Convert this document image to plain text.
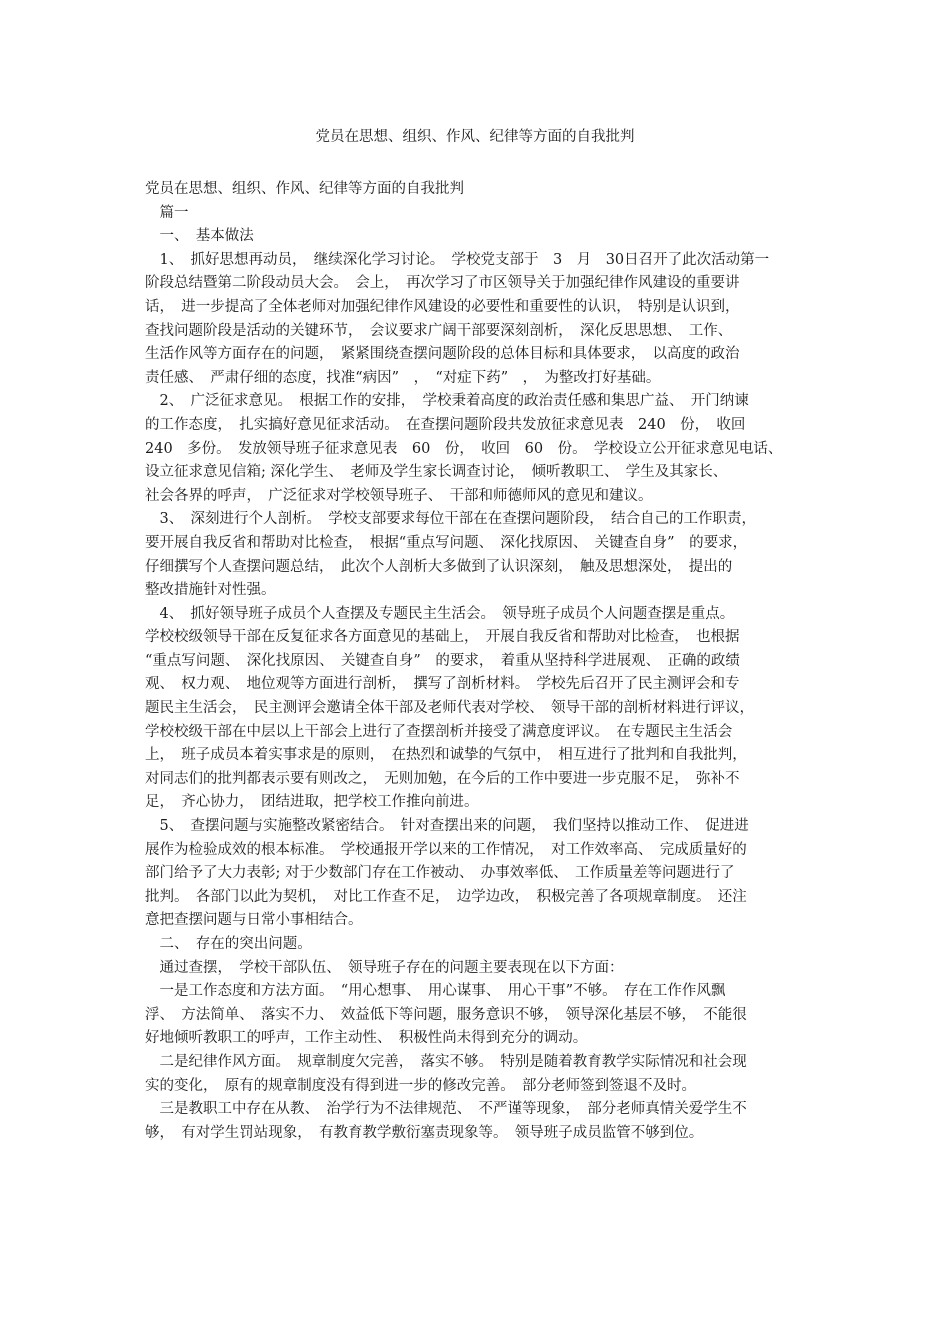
党员在思想、组织、作风、纪律等方面的自我批判
党员在思想、组织、作风、纪律等方面的自我批判
　篇一
　一、　基本做法
　1、　抓好思想再动员，　继续深化学习讨论。　学校党支部于　3　月　30日召开了此次活动第一
阶段总结暨第二阶段动员大会。　会上，　再次学习了市区领导关于加强纪律作风建设的重要讲
话，　进一步提高了全体老师对加强纪律作风建设的必要性和重要性的认识，　特别是认识到，
查找问题阶段是活动的关键环节，　会议要求广阔干部要深刻剖析，　深化反思思想、　工作、
生活作风等方面存在的问题，　紧紧围绕查摆问题阶段的总体目标和具体要求，　以高度的政治
责任感、　严肃仔细的态度，找准“病因”　，　“对症下药”　，　为整改打好基础。
　2、　广泛征求意见。　根据工作的安排，　学校秉着高度的政治责任感和集思广益、　开门纳谏
的工作态度，　扎实搞好意见征求活动。　在查摆问题阶段共发放征求意见表　240　份，　收回
240　多份。　发放领导班子征求意见表　60　份，　收回　60　份。　学校设立公开征求意见电话、
设立征求意见信箱; 深化学生、　老师及学生家长调查讨论，　倾听教职工、　学生及其家长、
社会各界的呼声，　广泛征求对学校领导班子、　干部和师德师风的意见和建议。
　3、　深刻进行个人剖析。　学校支部要求每位干部在在查摆问题阶段，　结合自己的工作职责，
要开展自我反省和帮助对比检查，　根据“重点写问题、　深化找原因、　关键查自身”　的要求，
仔细撰写个人查摆问题总结，　此次个人剖析大多做到了认识深刻，　触及思想深处，　提出的
整改措施针对性强。
　4、　抓好领导班子成员个人查摆及专题民主生活会。　领导班子成员个人问题查摆是重点。
学校校级领导干部在反复征求各方面意见的基础上，　开展自我反省和帮助对比检查，　也根据
“重点写问题、　深化找原因、　关键查自身”　的要求，　着重从坚持科学进展观、　正确的政绩
观、　权力观、　地位观等方面进行剖析，　撰写了剖析材料。　学校先后召开了民主测评会和专
题民主生活会，　民主测评会邀请全体干部及老师代表对学校、　领导干部的剖析材料进行评议，
学校校级干部在中层以上干部会上进行了查摆剖析并接受了满意度评议。　在专题民主生活会
上，　班子成员本着实事求是的原则，　在热烈和诚挚的气氛中，　相互进行了批判和自我批判，
对同志们的批判都表示要有则改之，　无则加勉，在今后的工作中要进一步克服不足，　弥补不
足，　齐心协力，　团结进取，把学校工作推向前进。
　5、　查摆问题与实施整改紧密结合。　针对查摆出来的问题，　我们坚持以推动工作、　促进进
展作为检验成效的根本标准。　学校通报开学以来的工作情况，　对工作效率高、　完成质量好的
部门给予了大力表彰; 对于少数部门存在工作被动、　办事效率低、　工作质量差等问题进行了
批判。　各部门以此为契机，　对比工作查不足，　边学边改，　积极完善了各项规章制度。　还注
意把查摆问题与日常小事相结合。
　二、　存在的突出问题。
　通过查摆，　学校干部队伍、　领导班子存在的问题主要表现在以下方面：
　一是工作态度和方法方面。　“用心想事、　用心谋事、　用心干事”不够。　存在工作作风飘
浮、　方法简单、　落实不力、　效益低下等问题，服务意识不够，　领导深化基层不够，　不能很
好地倾听教职工的呼声，工作主动性、　积极性尚未得到充分的调动。
　二是纪律作风方面。　规章制度欠完善，　落实不够。　特别是随着教育教学实际情况和社会现
实的变化，　原有的规章制度没有得到进一步的修改完善。　部分老师签到签退不及时。
　三是教职工中存在从教、　治学行为不法律规范、　不严谨等现象，　部分老师真情关爱学生不
够，　有对学生罚站现象，　有教育教学敷衍塞责现象等。　领导班子成员监管不够到位。
